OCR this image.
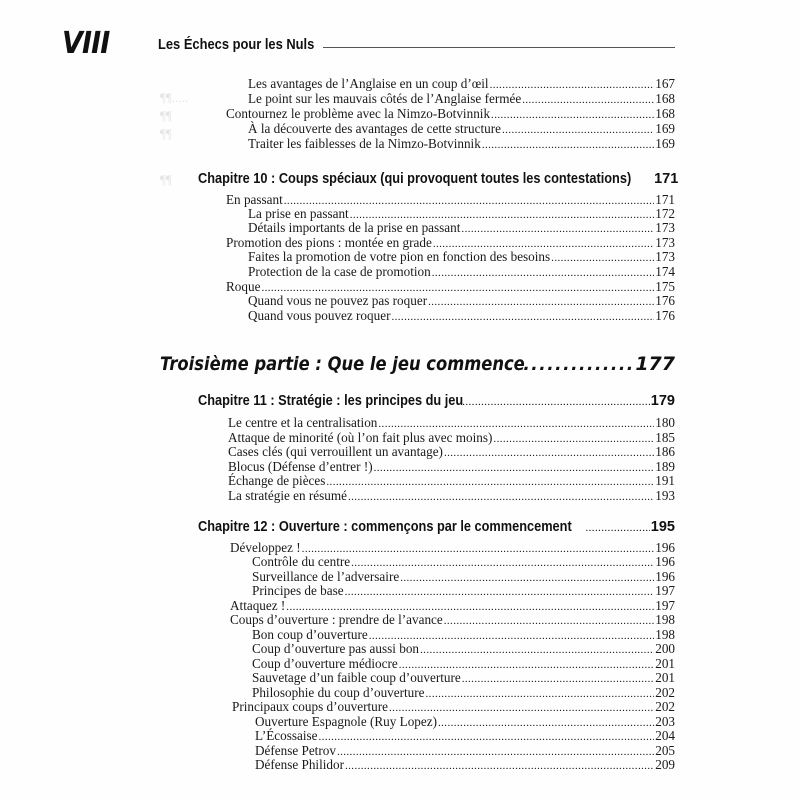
¶¶.....
¶¶
¶¶
¶¶
VIII	Les Échecs pour les Nuls
Les avantages de l’Anglaise en un coup d’œil .....	167
Le point sur les mauvais côtés de l’Anglaise fermée .....	168
Contournez le problème avec la Nimzo-Botvinnik .....	168
À la découverte des avantages de cette structure .....	169
Traiter les faiblesses de la Nimzo-Botvinnik .....	169
Chapitre 10 : Coups spéciaux (qui provoquent toutes les contestations) 171
En passant .....	171
La prise en passant .....	172
Détails importants de la prise en passant .....	173
Promotion des pions : montée en grade .....	173
Faites la promotion de votre pion en fonction des besoins .....	173
Protection de la case de promotion .....	174
Roque .....	175
Quand vous ne pouvez pas roquer .....	176
Quand vous pouvez roquer .....	176
Troisième partie : Que le jeu commence .....	177
Chapitre 11 : Stratégie : les principes du jeu .....	179
Le centre et la centralisation .....	180
Attaque de minorité (où l’on fait plus avec moins) .....	185
Cases clés (qui verrouillent un avantage) .....	186
Blocus (Défense d’entrer !) .....	189
Échange de pièces .....	191
La stratégie en résumé .....	193
Chapitre 12 : Ouverture : commençons par le commencement .....	195
Développez ! .....	196
Contrôle du centre .....	196
Surveillance de l’adversaire .....	196
Principes de base .....	197
Attaquez ! .....	197
Coups d’ouverture : prendre de l’avance .....	198
Bon coup d’ouverture .....	198
Coup d’ouverture pas aussi bon .....	200
Coup d’ouverture médiocre .....	201
Sauvetage d’un faible coup d’ouverture .....	201
Philosophie du coup d’ouverture .....	202
Principaux coups d’ouverture .....	202
Ouverture Espagnole (Ruy Lopez) .....	203
L’Écossaise .....	204
Défense Petrov .....	205
Défense Philidor .....	209
